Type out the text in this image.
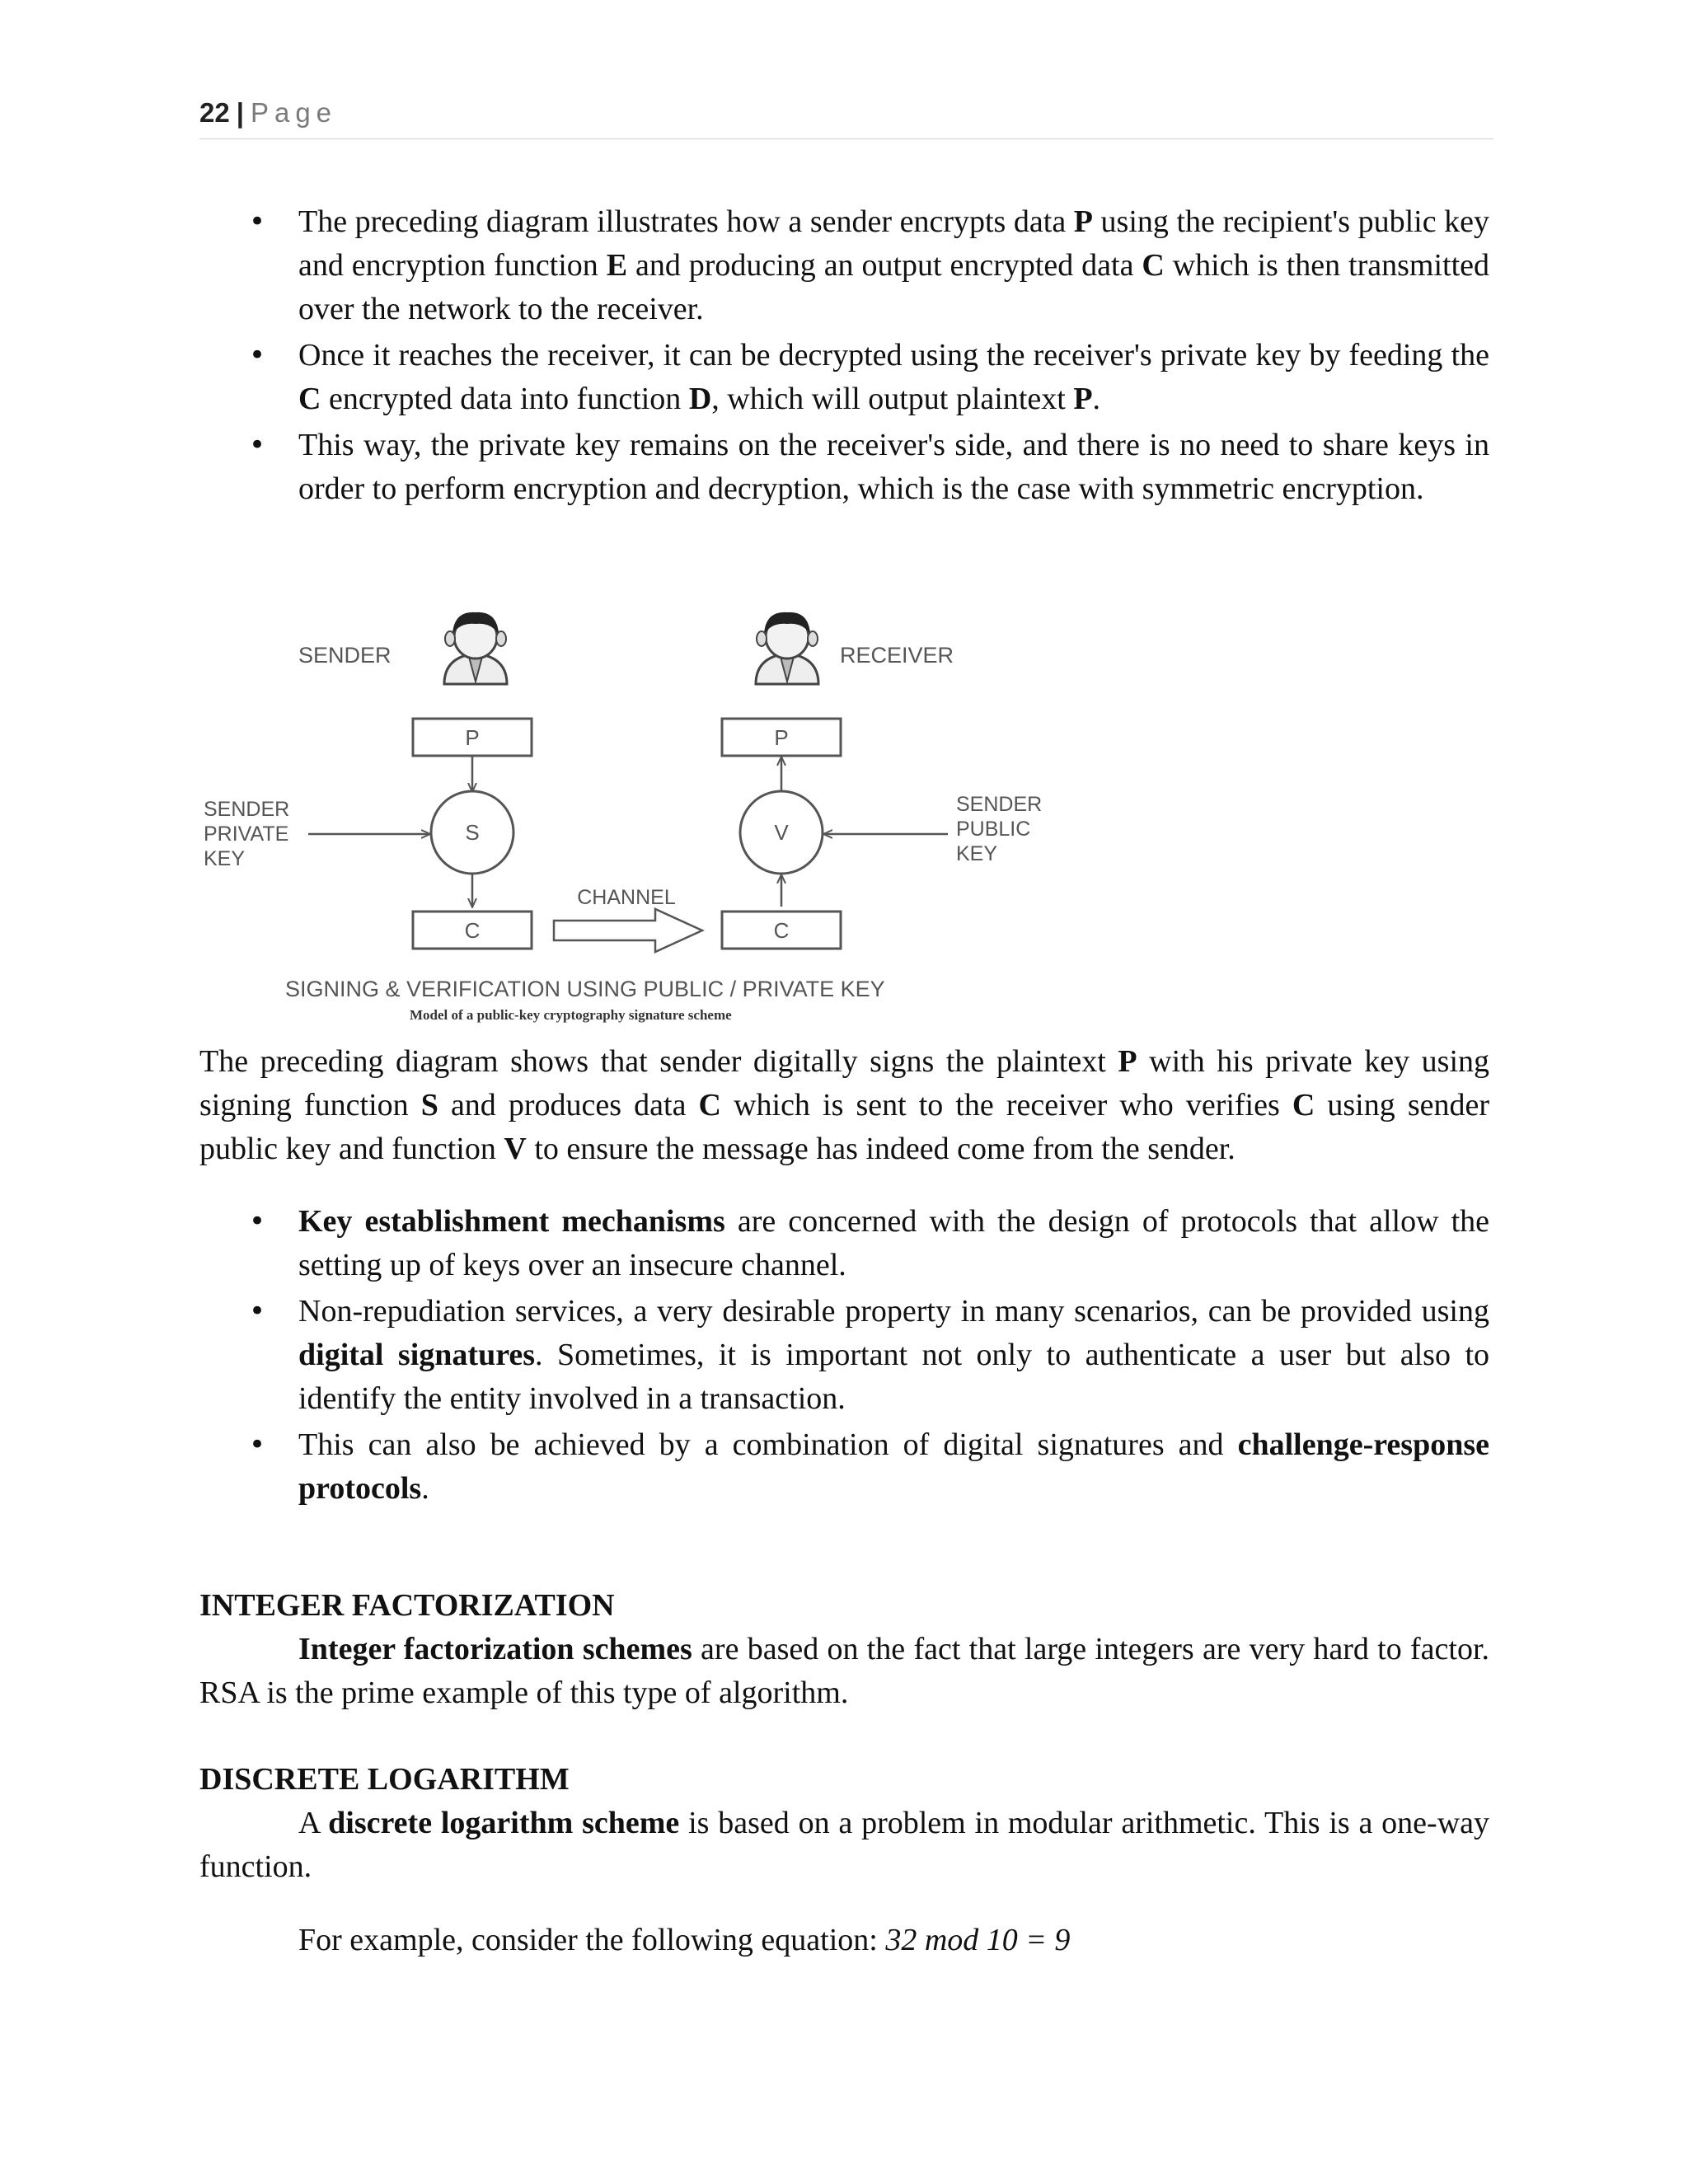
22 | Page
• The preceding diagram illustrates how a sender encrypts data P using the recipient's public key and encryption function E and producing an output encrypted data C which is then transmitted over the network to the receiver.
• Once it reaches the receiver, it can be decrypted using the receiver's private key by feeding the C encrypted data into function D, which will output plaintext P.
• This way, the private key remains on the receiver's side, and there is no need to share keys in order to perform encryption and decryption, which is the case with symmetric encryption.
SENDER	RECEIVER
P	P
S	V
SENDER PRIVATE KEY
SENDER PUBLIC KEY
C	C
CHANNEL
SIGNING & VERIFICATION USING PUBLIC / PRIVATE KEY
Model of a public-key cryptography signature scheme
The preceding diagram shows that sender digitally signs the plaintext P with his private key using signing function S and produces data C which is sent to the receiver who verifies C using sender public key and function V to ensure the message has indeed come from the sender.
• Key establishment mechanisms are concerned with the design of protocols that allow the setting up of keys over an insecure channel.
• Non-repudiation services, a very desirable property in many scenarios, can be provided using digital signatures. Sometimes, it is important not only to authenticate a user but also to identify the entity involved in a transaction.
• This can also be achieved by a combination of digital signatures and challenge-response protocols.
INTEGER FACTORIZATION
Integer factorization schemes are based on the fact that large integers are very hard to factor. RSA is the prime example of this type of algorithm.
DISCRETE LOGARITHM
A discrete logarithm scheme is based on a problem in modular arithmetic. This is a one-way function.
For example, consider the following equation: 32 mod 10 = 9
